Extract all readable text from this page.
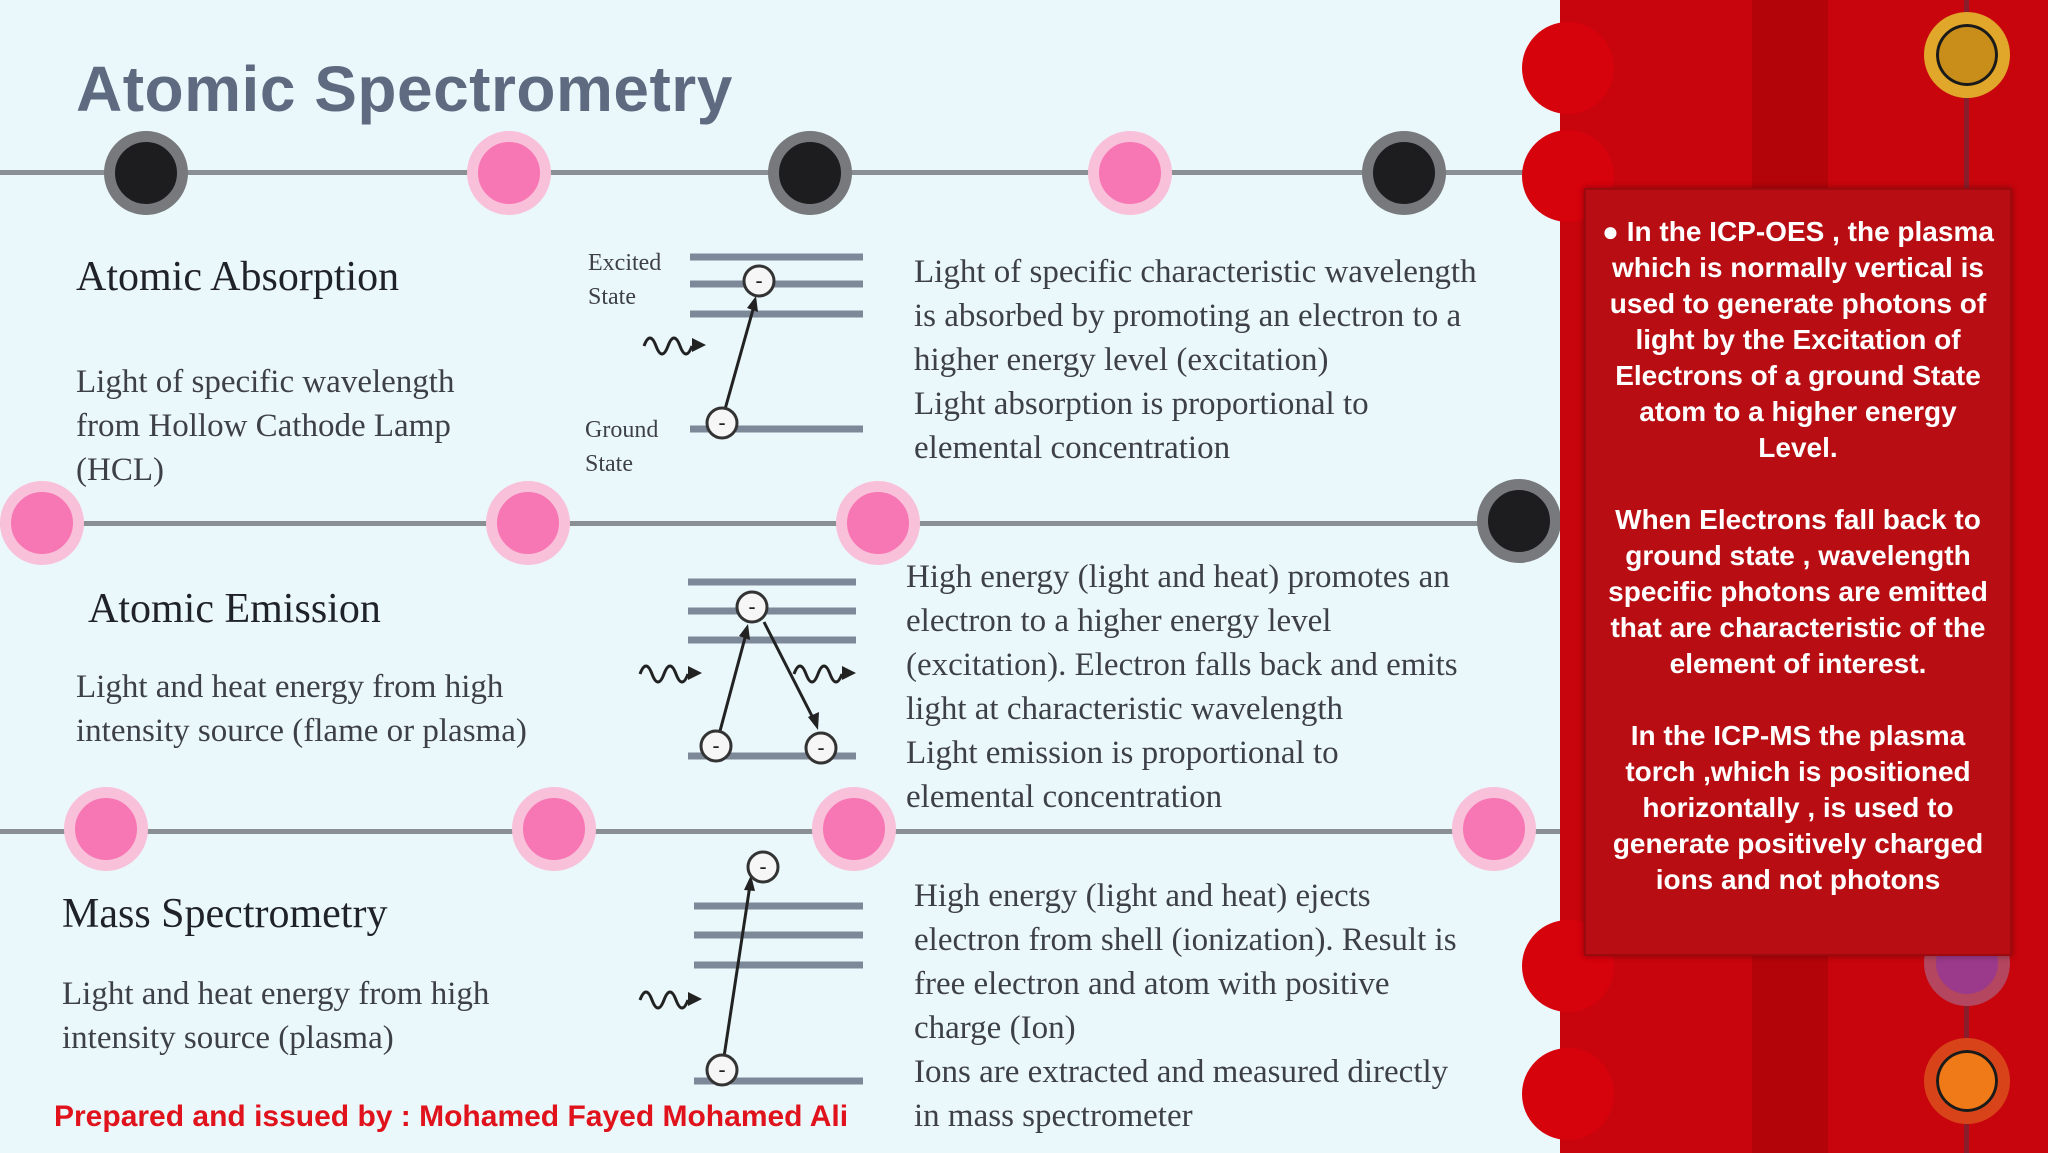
Atomic Spectrometry
Atomic Absorption
Light of specific wavelength
from Hollow Cathode Lamp
(HCL)
Excited
State
Ground
State
-
-	Light of specific characteristic wavelength
is absorbed by promoting an electron to a
higher energy level (excitation)
Light absorption is proportional to
elemental concentration
Atomic Emission
Light and heat energy from high
intensity source (flame or plasma)	-
-
-
High energy (light and heat) promotes an
electron to a higher energy level
(excitation). Electron falls back and emits
light at characteristic wavelength
Light emission is proportional to
elemental concentration
Mass Spectrometry
Light and heat energy from high
intensity source (plasma)
-
-
High energy (light and heat) ejects
electron from shell (ionization). Result is
free electron and atom with positive
charge (Ion)
Ions are extracted and measured directly
in mass spectrometer
Prepared and issued by : Mohamed Fayed Mohamed Ali

● In the ICP-OES , the plasma which is normally vertical is used to generate photons of light by the Excitation of Electrons of a ground State atom to a higher energy Level.

When Electrons fall back to ground state , wavelength specific photons are emitted that are characteristic of the element of interest.

In the ICP-MS the plasma torch ,which is positioned horizontally , is used to generate positively charged ions and not photons
